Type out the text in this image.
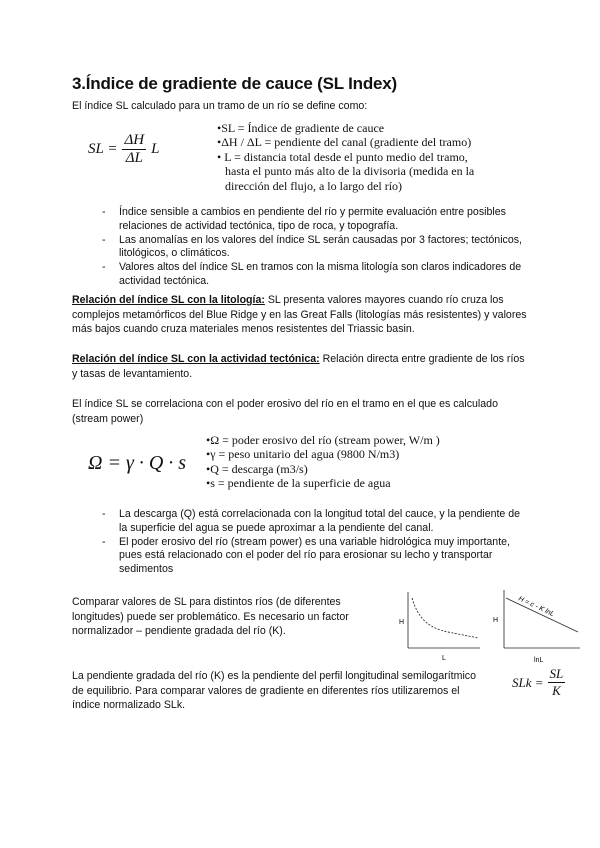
3.Índice de gradiente de cauce (SL Index)
El índice SL calculado para un tramo de un río se define como:
SL = $\frac{\Delta H}{\Delta L}$ L
•SL = Índice de gradiente de cauce
•ΔH / ΔL = pendiente del canal (gradiente del tramo)
• L = distancia total desde el punto medio del tramo,
hasta el punto más alto de la divisoria (medida en la
dirección del flujo, a lo largo del río)
- Índice sensible a cambios en pendiente del río y permite evaluación entre posibles relaciones de actividad tectónica, tipo de roca, y topografía.
- Las anomalías en los valores del índice SL serán causadas por 3 factores; tectónicos, litológicos, o climáticos.
- Valores altos del índice SL en tramos con la misma litología son claros indicadores de actividad tectónica.
Relación del índice SL con la litología: SL presenta valores mayores cuando río cruza los complejos metamórficos del Blue Ridge y en las Great Falls (litologías más resistentes) y valores más bajos cuando cruza materiales menos resistentes del Triassic basin.
Relación del índice SL con la actividad tectónica: Relación directa entre gradiente de los ríos y tasas de levantamiento.
El índice SL se correlaciona con el poder erosivo del río en el tramo en el que es calculado (stream power)
Ω = γ · Q · s
•Ω = poder erosivo del río (stream power, W/m )
•γ = peso unitario del agua (9800 N/m3)
•Q = descarga (m3/s)
•s = pendiente de la superficie de agua
- La descarga (Q) está correlacionada con la longitud total del cauce, y la pendiente de la superficie del agua se puede aproximar a la pendiente del canal.
- El poder erosivo del río (stream power) es una variable hidrológica muy importante, pues está relacionado con el poder del río para erosionar su lecho y transportar sedimentos
Comparar valores de SL para distintos ríos (de diferentes longitudes) puede ser problemático. Es necesario un factor normalizador – pendiente gradada del río (K).
H
L
H = c - K lnL
H
lnL
La pendiente gradada del río (K) es la pendiente del perfil longitudinal semilogarítmico de equilibrio. Para comparar valores de gradiente en diferentes ríos utilizaremos el índice normalizado SLk.
SLk = $\frac{SL}{K}$
